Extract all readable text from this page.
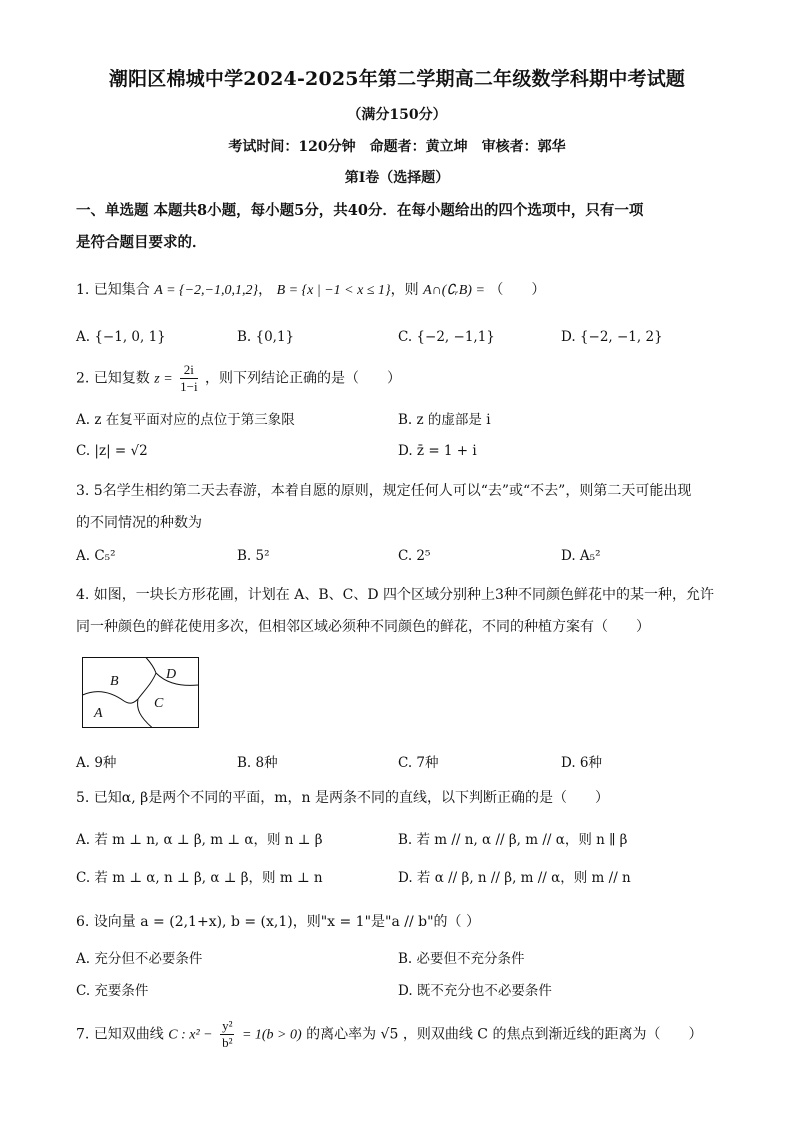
潮阳区棉城中学2024-2025年第二学期高二年级数学科期中考试题
（满分150分）
考试时间：120分钟　命题者：黄立坤　审核者：郭华
第Ⅰ卷（选择题）
一、单选题 本题共8小题，每小题5分，共40分．在每小题给出的四个选项中，只有一项
是符合题目要求的．
1. 已知集合 A = {−2,−1,0,1,2}， B = {x | −1 < x ≤ 1}，则 A∩(∁ᵣB) = （　　）
A. {−1, 0, 1}	B. {0,1}	C. {−2, −1,1}	D. {−2, −1, 2}
2. 已知复数 $z = \frac{2i}{1-i}$ ，则下列结论正确的是（　　）
A. z 在复平面对应的点位于第三象限	B. z 的虚部是 i
C. |z| = √2	D. z̄ = 1 + i
3. 5名学生相约第二天去春游，本着自愿的原则，规定任何人可以“去”或“不去”，则第二天可能出现
的不同情况的种数为
A. C₅²	B. 5²	C. 2⁵	D. A₅²
4. 如图，一块长方形花圃，计划在 A、B、C、D 四个区域分别种上3种不同颜色鲜花中的某一种，允许
同一种颜色的鲜花使用多次，但相邻区域必须种不同颜色的鲜花，不同的种植方案有（　　）
B	D
C
A
A. 9种	B. 8种	C. 7种	D. 6种
5. 已知α, β是两个不同的平面，m，n 是两条不同的直线，以下判断正确的是（　　）
A. 若 m ⊥ n, α ⊥ β, m ⊥ α，则 n ⊥ β	B. 若 m // n, α // β, m // α，则 n ∥ β
C. 若 m ⊥ α, n ⊥ β, α ⊥ β，则 m ⊥ n	D. 若 α // β, n // β, m // α，则 m // n
6. 设向量 a = (2,1+x), b = (x,1)，则"x = 1"是"a // b"的（ ）
A. 充分但不必要条件	B. 必要但不充分条件
C. 充要条件	D. 既不充分也不必要条件
7. 已知双曲线 C : $x^2 - \frac{\text{y²}}{\text{b²}} = 1(b > 0)$ 的离心率为 √5 ，则双曲线 C 的焦点到渐近线的距离为（　　）
